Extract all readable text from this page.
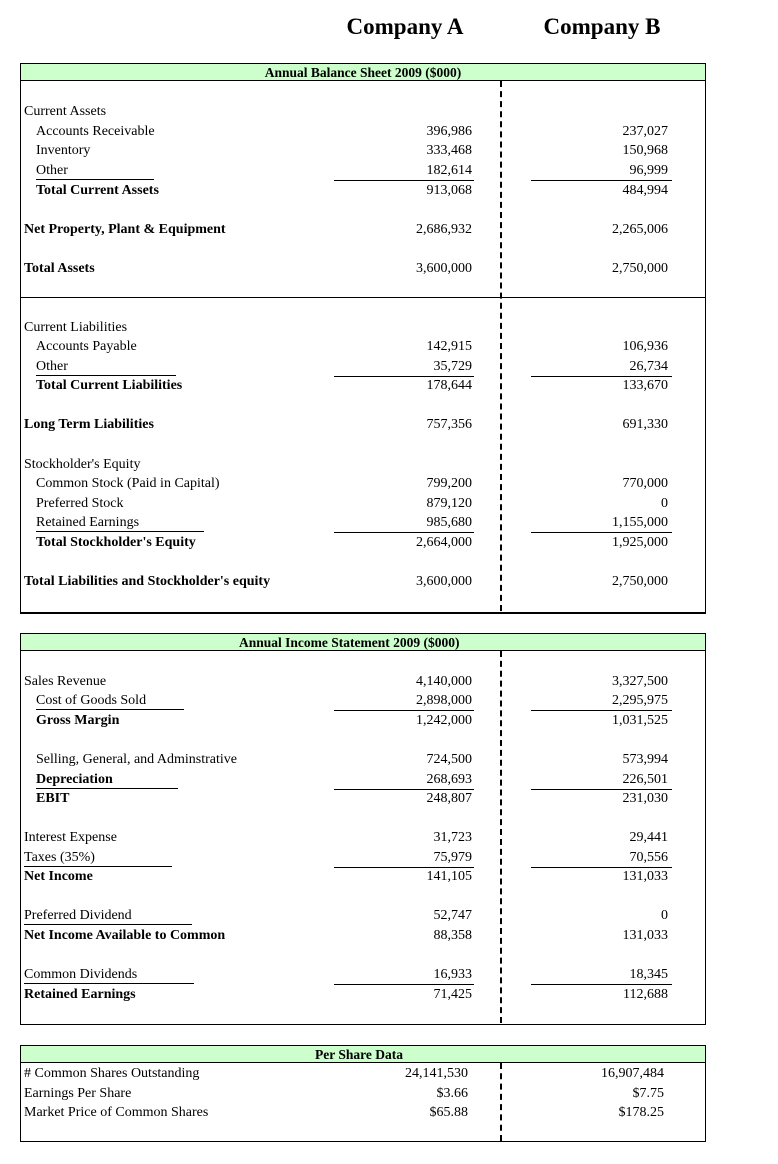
Company A	Company B
Annual Balance Sheet 2009 ($000)
Current Assets
Accounts Receivable	396,986	237,027
Inventory	333,468	150,968
Other	182,614	96,999
Total Current Assets	913,068	484,994
Net Property, Plant & Equipment	2,686,932	2,265,006
Total Assets	3,600,000	2,750,000
Current Liabilities
Accounts Payable	142,915	106,936
Other	35,729	26,734
Total Current Liabilities	178,644	133,670
Long Term Liabilities	757,356	691,330
Stockholder's Equity
Common Stock (Paid in Capital)	799,200	770,000
Preferred Stock	879,120	0
Retained Earnings	985,680	1,155,000
Total Stockholder's Equity	2,664,000	1,925,000
Total Liabilities and Stockholder's equity	3,600,000	2,750,000
Annual Income Statement 2009 ($000)
Sales Revenue	4,140,000	3,327,500
Cost of Goods Sold	2,898,000	2,295,975
Gross Margin	1,242,000	1,031,525
Selling, General, and Adminstrative	724,500	573,994
Depreciation	268,693	226,501
EBIT	248,807	231,030
Interest Expense	31,723	29,441
Taxes (35%)	75,979	70,556
Net Income	141,105	131,033
Preferred Dividend	52,747	0
Net Income Available to Common	88,358	131,033
Common Dividends	16,933	18,345
Retained Earnings	71,425	112,688
Per Share Data
# Common Shares Outstanding	24,141,530	16,907,484
Earnings Per Share	$3.66	$7.75
Market Price of Common Shares	$65.88	$178.25
